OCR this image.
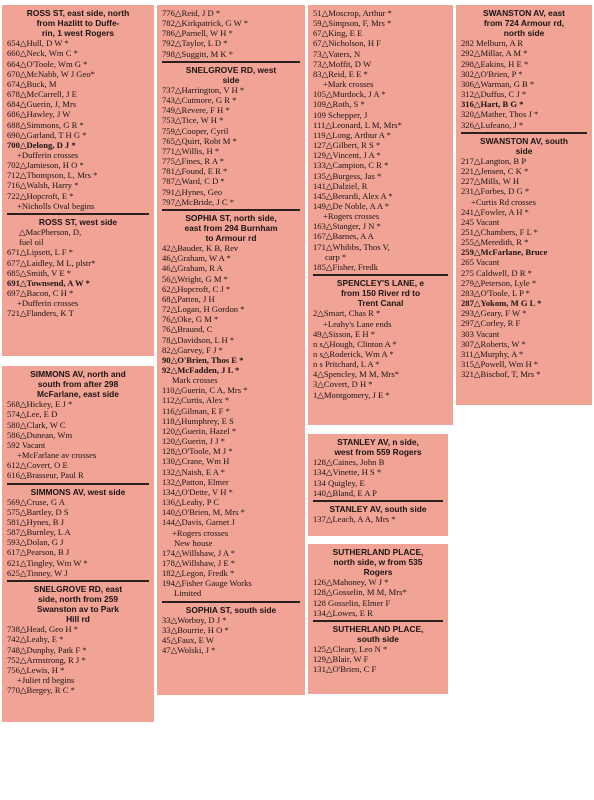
ROSS ST, east side, north
from Hazlitt to Duffe-
rin, 1 west Rogers
654△Hull, D W *
660△Neck, Wm C *
664△O'Toole, Wm G *
670△McNabb, W J Geo*
674△Buck, M
678△McCarrell, J E
684△Guerin, J, Mrs
686△Hawley, J W
688△Simmons, G R *
690△Garland, T H G *
700△Delong, D J *
+Dufferin crosses
702△Jamieson, H O *
712△Thompson, L, Mrs *
716△Walsh, Harry *
722△Hopcroft, E *
+Nicholls Oval begins
ROSS ST, west side
△MacPherson, D,
fuel oil
671△Lipsett, L F *
677△Laidley, M L, plstr*
685△Smith, V E *
691△Townsend, A W *
697△Bacon, C H *
+Dufferin crosses
721△Flanders, K T
SIMMONS AV, north and
south from after 298
McFarlane, east side
568△Hickey, E J *
574△Lee, E D
580△Clark, W C
586△Dunean, Wm
592 Vacant
+McFarlane av crosses
612△Covert, O E
616△Brasseur, Paul R
SIMMONS AV, west side
569△Cruse, G A
575△Bartley, D S
581△Hynes, B J
587△Burnley, L A
593△Dolan, G J
617△Pearson, B J
621△Tingley, Wm W *
625△Tinney, W J
SNELGROVE RD, east
side, north from 259
Swanston av to Park
Hill rd
738△Head, Geo H *
742△Leahy, E *
748△Dunphy, Patk F *
752△Armstrong, R J *
756△Lewis, H *
+Juliet rd begins
770△Bergey, R C *
776△Reid, J D *
782△Kirkpatrick, G W *
786△Parnell, W H *
792△Taylor, L D *
798△Suggitt, M K *
SNELGROVE RD, west
side
737△Harrington, V H *
743△Cutmore, G R *
749△Revere, F H *
753△Tice, W H *
759△Cooper, Cyril
765△Quirt, Robt M *
771△Willis, H *
775△Fines, R A *
781△Found, E R *
787△Ward, C D *
791△Hynes, Geo
797△McBride, J C *
SOPHIA ST, north side,
east from 294 Burnham
to Armour rd
42△Bauder, K B, Rev
46△Graham, W A *
46△Graham, R A
56△Wright, G M *
62△Hopcroft, C J *
68△Patten, J H
72△Logan, H Gordon *
76△Oke, G M *
76△Braund, C
78△Davidson, L H *
82△Garvey, F J *
90△O'Brien, Thos E *
92△McFadden, J L *
Mark crosses
110△Guerin, C A, Mrs *
112△Curtis, Alex *
116△Gilman, E F *
118△Humphrey, E S
120△Guerin, Hazel *
120△Guerin, J J *
128△O'Toole, M J *
130△Crane, Wm H
132△Naish, E A *
132△Patton, Elmer
134△O'Dette, V H *
136△Leahy, P C
140△O'Brien, M, Mrs *
144△Davis, Garnet J
+Rogers crosses
New house
174△Willshaw, J A *
178△Willshaw, J E *
182△Legon, Fredk *
194△Fisher Gauge Works
Limited
SOPHIA ST, south side
33△Worboy, D J *
33△Bourrie, H O *
45△Faux, E W
47△Wolski, J *
51△Moscrop, Arthur *
59△Simpson, F, Mrs *
67△King, E E
67△Nicholson, H F
73△Vaters, N
73△Moffit, D W
83△Reid, E E *
+Mark crosses
105△Murdock, J A *
109△Roth, S *
109 Schepper, J
111△Leonard, L M, Mrs*
119△Long, Arthur A *
127△Gilbert, R S *
129△Vincent, J A *
133△Campion, C R *
135△Burgess, Jas *
141△Dalziel, R
145△Berardi, Alex A *
149△De Noble, A A *
+Rogers crosses
163△Stanger, J N *
167△Barnes, A A
171△Whibbs, Thos V,
carp *
185△Fisher, Fredk
SPENCLEY'S LANE, e
from 150 River rd to
Trent Canal
2△Smart, Chas R *
+Leahy's Lane ends
49△Sisson, E H *
n s△Hough, Clinton A *
n s△Roderick, Wm A *
n s Pritchard, L A *
4△Spencley, M M, Mrs*
3△Covert, D H *
1△Montgomery, J E *
STANLEY AV, n side,
west from 559 Rogers
128△Caines, John B
134△Vinette, H S *
134 Quigley, E
140△Bland, E A P
STANLEY AV, south side
137△Leach, A A, Mrs *
SUTHERLAND PLACE,
north side, w from 535
Rogers
126△Mahoney, W J *
128△Gosselin, M M, Mrs*
128 Gosselin, Elmer F
134△Lowes, E R
SUTHERLAND PLACE,
south side
125△Cleary, Leo N *
129△Blair, W F
131△O'Brien, C F
SWANSTON AV, east
from 724 Armour rd,
north side
282 Melburn, A R
292△Millar, A M *
298△Eakins, H E *
302△O'Brien, P *
306△Warman, G B *
312△Duffus, C J *
316△Hart, B G *
320△Mather, Thos J *
326△Lufeano, J *
SWANSTON AV, south
side
217△Langton, B P
221△Jensen, C K *
227△Mills, W H
231△Forbes, D G *
+Curtis Rd crosses
241△Fowler, A H *
245 Vacant
251△Chambers, F L *
255△Meredith, R *
259△McFarlane, Bruce
265 Vacant
275 Caldwell, D R *
279△Peterson, Lyle *
283△O'Toole, L P *
287△Yokom, M G L *
293△Geary, F W *
297△Corley, R F
303 Vacant
307△Roberts, W *
311△Murphy, A *
315△Powell, Wm H *
321△Bischof, T, Mrs *
